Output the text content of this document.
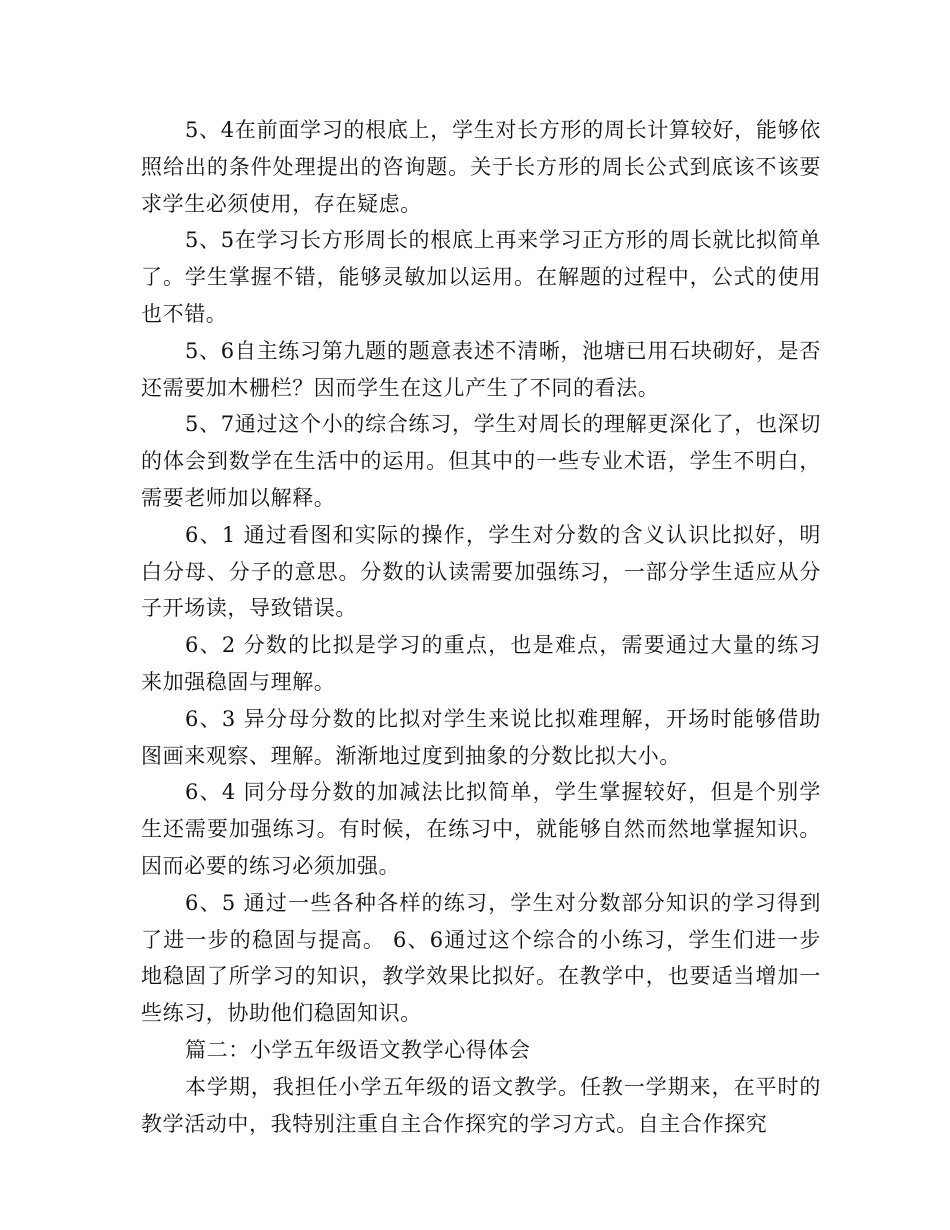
5、4在前面学习的根底上，学生对长方形的周长计算较好，能够依照给出的条件处理提出的咨询题。关于长方形的周长公式到底该不该要求学生必须使用，存在疑虑。

5、5在学习长方形周长的根底上再来学习正方形的周长就比拟简单了。学生掌握不错，能够灵敏加以运用。在解题的过程中，公式的使用也不错。

5、6自主练习第九题的题意表述不清晰，池塘已用石块砌好，是否还需要加木栅栏？因而学生在这儿产生了不同的看法。

5、7通过这个小的综合练习，学生对周长的理解更深化了，也深切的体会到数学在生活中的运用。但其中的一些专业术语，学生不明白，需要老师加以解释。

6、1 通过看图和实际的操作，学生对分数的含义认识比拟好，明白分母、分子的意思。分数的认读需要加强练习，一部分学生适应从分子开场读，导致错误。

6、2 分数的比拟是学习的重点，也是难点，需要通过大量的练习来加强稳固与理解。

6、3 异分母分数的比拟对学生来说比拟难理解，开场时能够借助图画来观察、理解。渐渐地过度到抽象的分数比拟大小。

6、4 同分母分数的加减法比拟简单，学生掌握较好，但是个别学生还需要加强练习。有时候，在练习中，就能够自然而然地掌握知识。因而必要的练习必须加强。

6、5 通过一些各种各样的练习，学生对分数部分知识的学习得到了进一步的稳固与提高。 6、6通过这个综合的小练习，学生们进一步地稳固了所学习的知识，教学效果比拟好。在教学中，也要适当增加一些练习，协助他们稳固知识。

篇二：小学五年级语文教学心得体会

本学期，我担任小学五年级的语文教学。任教一学期来，在平时的教学活动中，我特别注重自主合作探究的学习方式。自主合作探究
